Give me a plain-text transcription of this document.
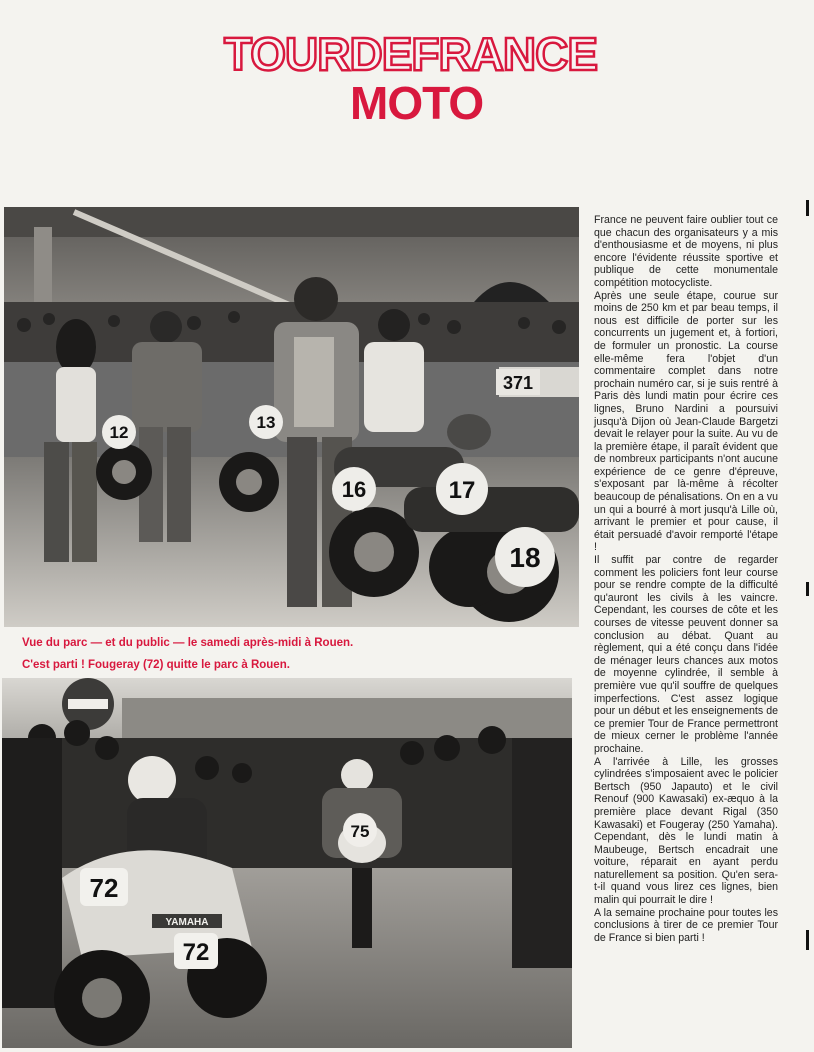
TOURDEFRANCE
MOTO
12
13
16	17
18
371
Vue du parc — et du public — le samedi après-midi à Rouen.
C'est parti ! Fougeray (72) quitte le parc à Rouen.
72
72
YAMAHA
75

France ne peuvent faire oublier tout ce que chacun des organisateurs y a mis d'enthousiasme et de moyens, ni plus encore l'évidente réussite sportive et publique de cette monumentale compétition motocycliste.

Après une seule étape, courue sur moins de 250 km et par beau temps, il nous est difficile de porter sur les concurrents un jugement et, à fortiori, de formuler un pronostic. La course elle-même fera l'objet d'un commentaire complet dans notre prochain numéro car, si je suis rentré à Paris dès lundi matin pour écrire ces lignes, Bruno Nardini a poursuivi jusqu'à Dijon où Jean-Claude Bargetzi devait le relayer pour la suite. Au vu de la première étape, il paraît évident que de nombreux participants n'ont aucune expérience de ce genre d'épreuve, s'exposant par là-même à récolter beaucoup de pénalisations. On en a vu un qui a bourré à mort jusqu'à Lille où, arrivant le premier et pour cause, il était persuadé d'avoir remporté l'étape !

Il suffit par contre de regarder comment les policiers font leur course pour se rendre compte de la difficulté qu'auront les civils à les vaincre. Cependant, les courses de côte et les courses de vitesse peuvent donner sa conclusion au débat. Quant au règlement, qui a été conçu dans l'idée de ménager leurs chances aux motos de moyenne cylindrée, il semble à première vue qu'il souffre de quelques imperfections. C'est assez logique pour un début et les enseignements de ce premier Tour de France permettront de mieux cerner le problème l'année prochaine.

A l'arrivée à Lille, les grosses cylindrées s'imposaient avec le policier Bertsch (950 Japauto) et le civil Renouf (900 Kawasaki) ex-æquo à la première place devant Rigal (350 Kawasaki) et Fougeray (250 Yamaha). Cependant, dès le lundi matin à Maubeuge, Bertsch encadrait une voiture, réparait en ayant perdu naturellement sa position. Qu'en sera-t-il quand vous lirez ces lignes, bien malin qui pourrait le dire !

A la semaine prochaine pour toutes les conclusions à tirer de ce premier Tour de France si bien parti !
